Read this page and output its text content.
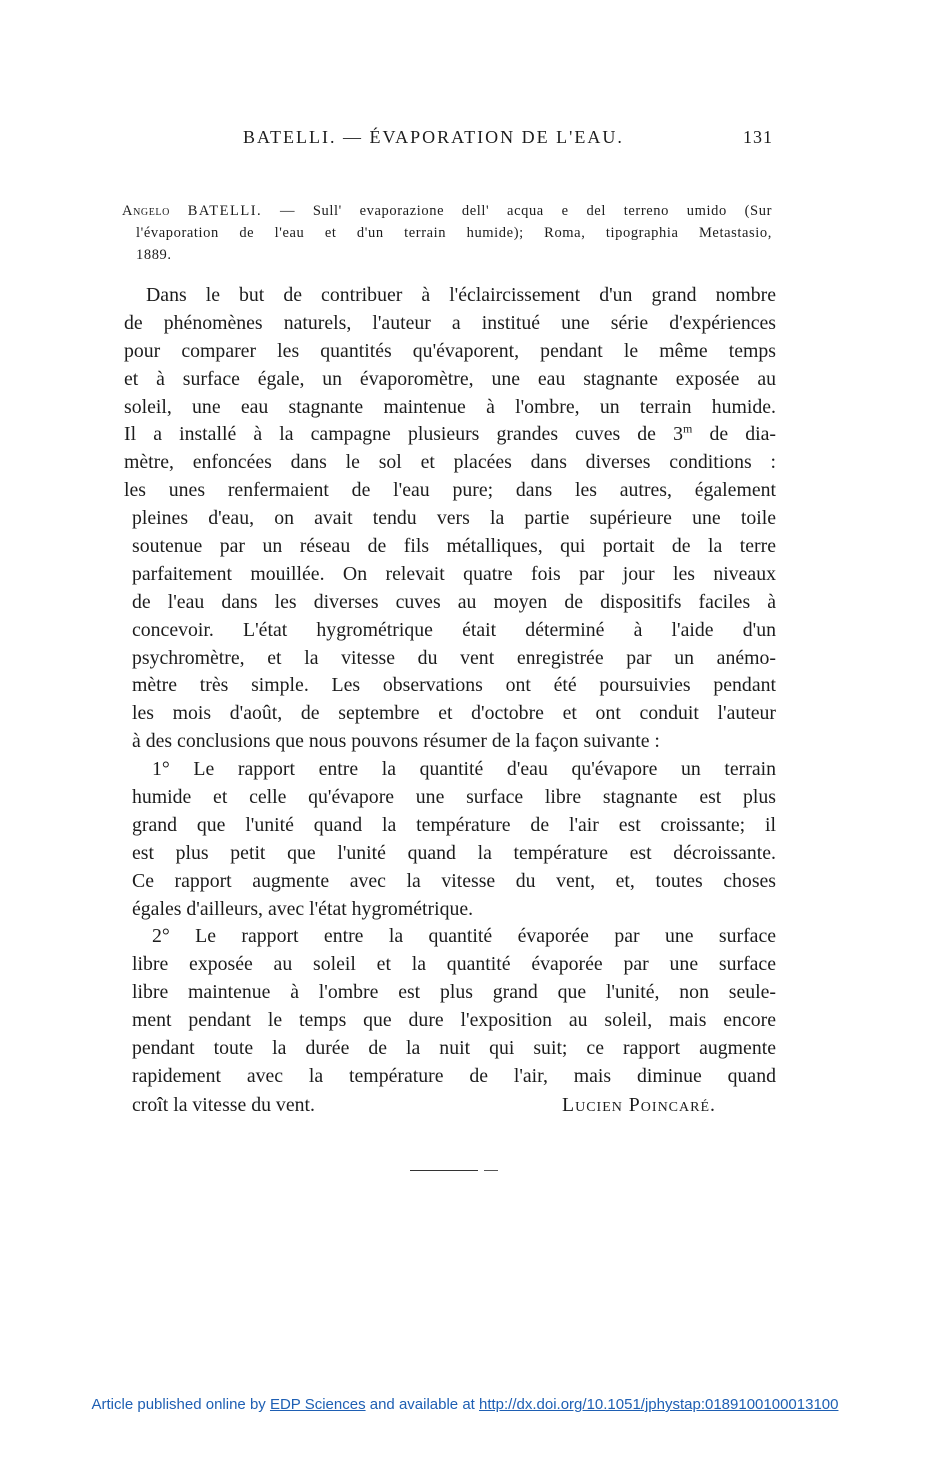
BATELLI. — ÉVAPORATION DE L'EAU.	131
Angelo BATELLI. — Sull' evaporazione dell' acqua e del terreno umido (Sur
l'évaporation de l'eau et d'un terrain humide); Roma, tipographia Metastasio,
1889.
Dans le but de contribuer à l'éclaircissement d'un grand nombre
de phénomènes naturels, l'auteur a institué une série d'expériences
pour comparer les quantités qu'évaporent, pendant le même temps
et à surface égale, un évaporomètre, une eau stagnante exposée au
soleil, une eau stagnante maintenue à l'ombre, un terrain humide.
Il a installé à la campagne plusieurs grandes cuves de 3$^m$ de dia-
mètre, enfoncées dans le sol et placées dans diverses conditions :
les unes renfermaient de l'eau pure; dans les autres, également
pleines d'eau, on avait tendu vers la partie supérieure une toile
soutenue par un réseau de fils métalliques, qui portait de la terre
parfaitement mouillée. On relevait quatre fois par jour les niveaux
de l'eau dans les diverses cuves au moyen de dispositifs faciles à
concevoir. L'état hygrométrique était déterminé à l'aide d'un
psychromètre, et la vitesse du vent enregistrée par un anémo-
mètre très simple. Les observations ont été poursuivies pendant
les mois d'août, de septembre et d'octobre et ont conduit l'auteur
à des conclusions que nous pouvons résumer de la façon suivante :
1° Le rapport entre la quantité d'eau qu'évapore un terrain
humide et celle qu'évapore une surface libre stagnante est plus
grand que l'unité quand la température de l'air est croissante; il
est plus petit que l'unité quand la température est décroissante.
Ce rapport augmente avec la vitesse du vent, et, toutes choses
égales d'ailleurs, avec l'état hygrométrique.
2° Le rapport entre la quantité évaporée par une surface
libre exposée au soleil et la quantité évaporée par une surface
libre maintenue à l'ombre est plus grand que l'unité, non seule-
ment pendant le temps que dure l'exposition au soleil, mais encore
pendant toute la durée de la nuit qui suit; ce rapport augmente
rapidement avec la température de l'air, mais diminue quand
croît la vitesse du vent.	Lucien Poincaré.
Article published online by EDP Sciences and available at http://dx.doi.org/10.1051/jphystap:0189100100013100
